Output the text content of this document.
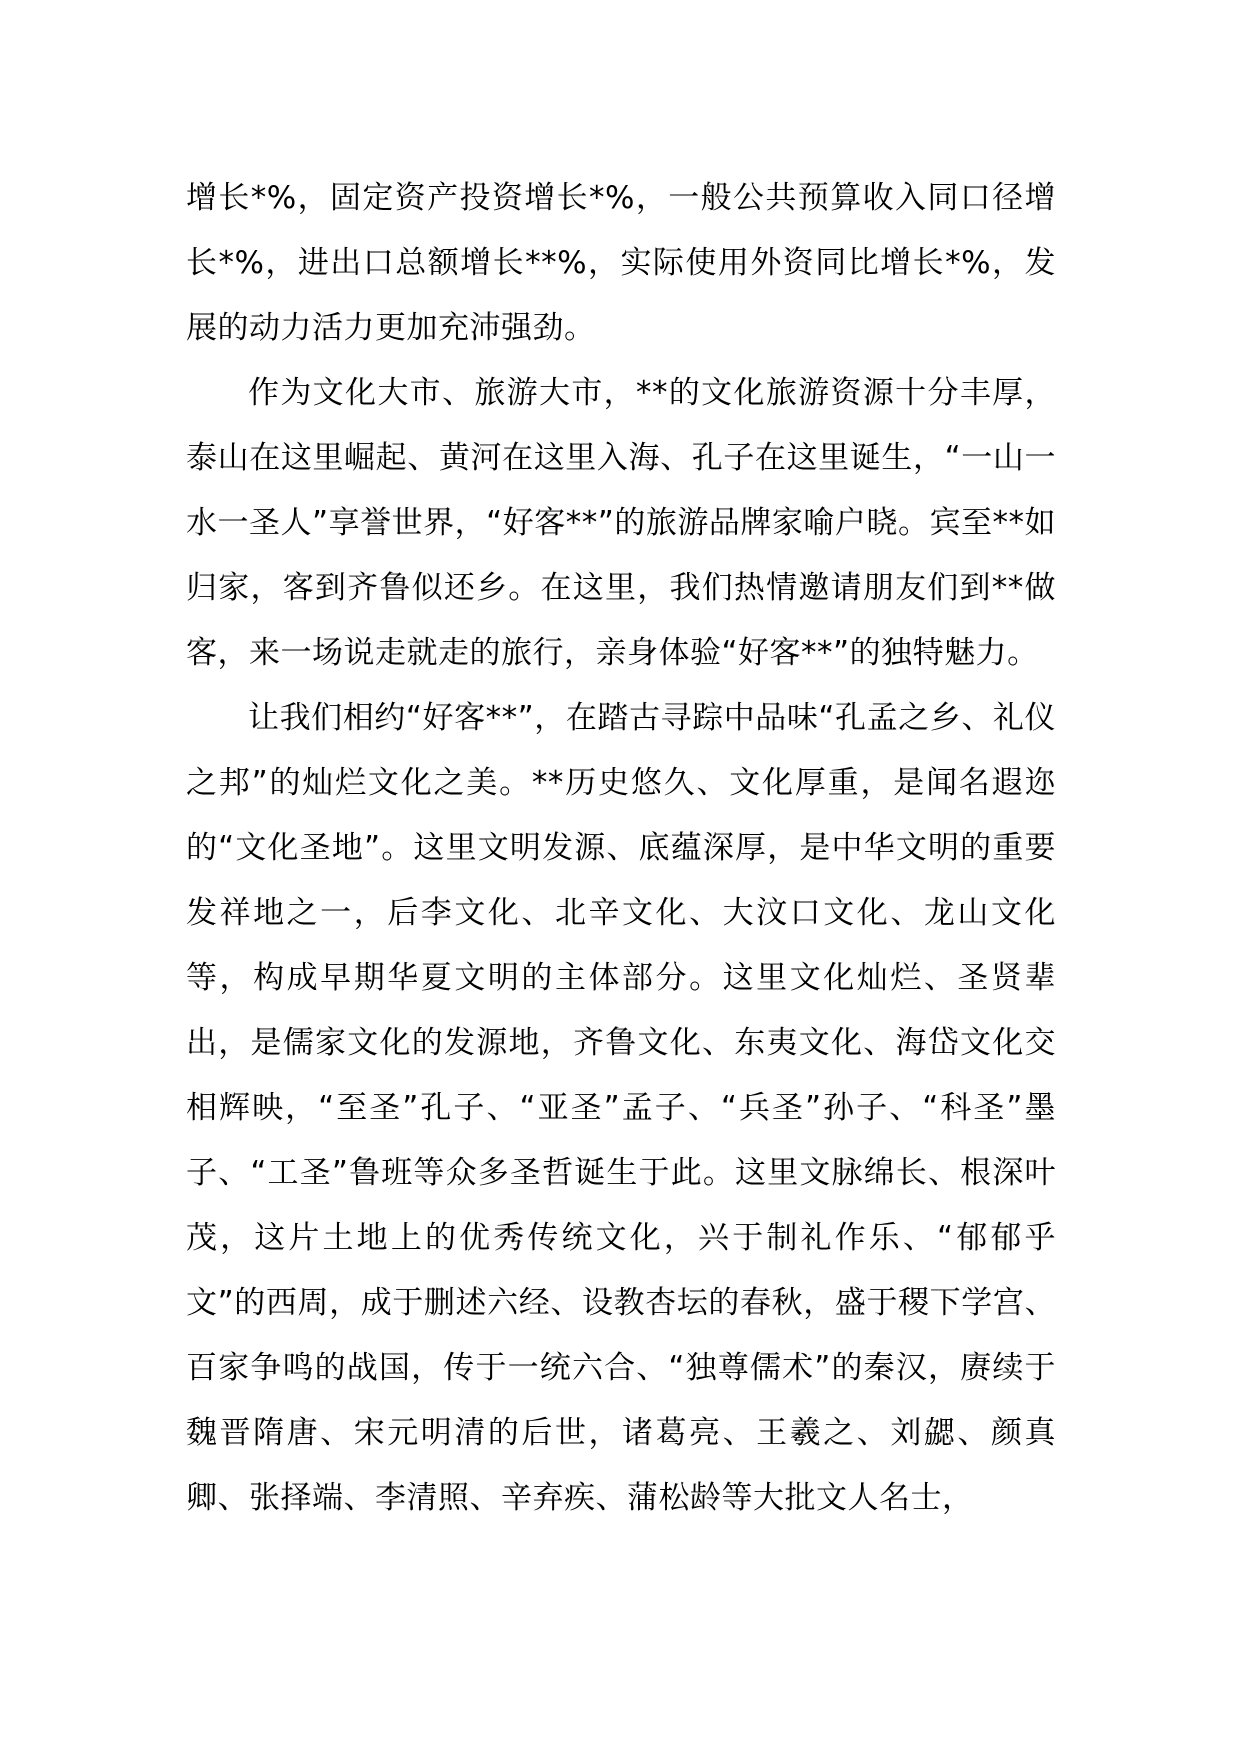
增长*%，固定资产投资增长*%，一般公共预算收入同口径增长*%，进出口总额增长**%，实际使用外资同比增长*%，发展的动力活力更加充沛强劲。

作为文化大市、旅游大市，**的文化旅游资源十分丰厚，泰山在这里崛起、黄河在这里入海、孔子在这里诞生，“一山一水一圣人”享誉世界，“好客**”的旅游品牌家喻户晓。宾至**如归家，客到齐鲁似还乡。在这里，我们热情邀请朋友们到**做客，来一场说走就走的旅行，亲身体验“好客**”的独特魅力。

让我们相约“好客**”，在踏古寻踪中品味“孔孟之乡、礼仪之邦”的灿烂文化之美。**历史悠久、文化厚重，是闻名遐迩的“文化圣地”。这里文明发源、底蕴深厚，是中华文明的重要发祥地之一，后李文化、北辛文化、大汶口文化、龙山文化等，构成早期华夏文明的主体部分。这里文化灿烂、圣贤辈出，是儒家文化的发源地，齐鲁文化、东夷文化、海岱文化交相辉映，“至圣”孔子、“亚圣”孟子、“兵圣”孙子、“科圣”墨子、“工圣”鲁班等众多圣哲诞生于此。这里文脉绵长、根深叶茂，这片土地上的优秀传统文化，兴于制礼作乐、“郁郁乎文”的西周，成于删述六经、设教杏坛的春秋，盛于稷下学宫、百家争鸣的战国，传于一统六合、“独尊儒术”的秦汉，赓续于魏晋隋唐、宋元明清的后世，诸葛亮、王羲之、刘勰、颜真卿、张择端、李清照、辛弃疾、蒲松龄等大批文人名士，
